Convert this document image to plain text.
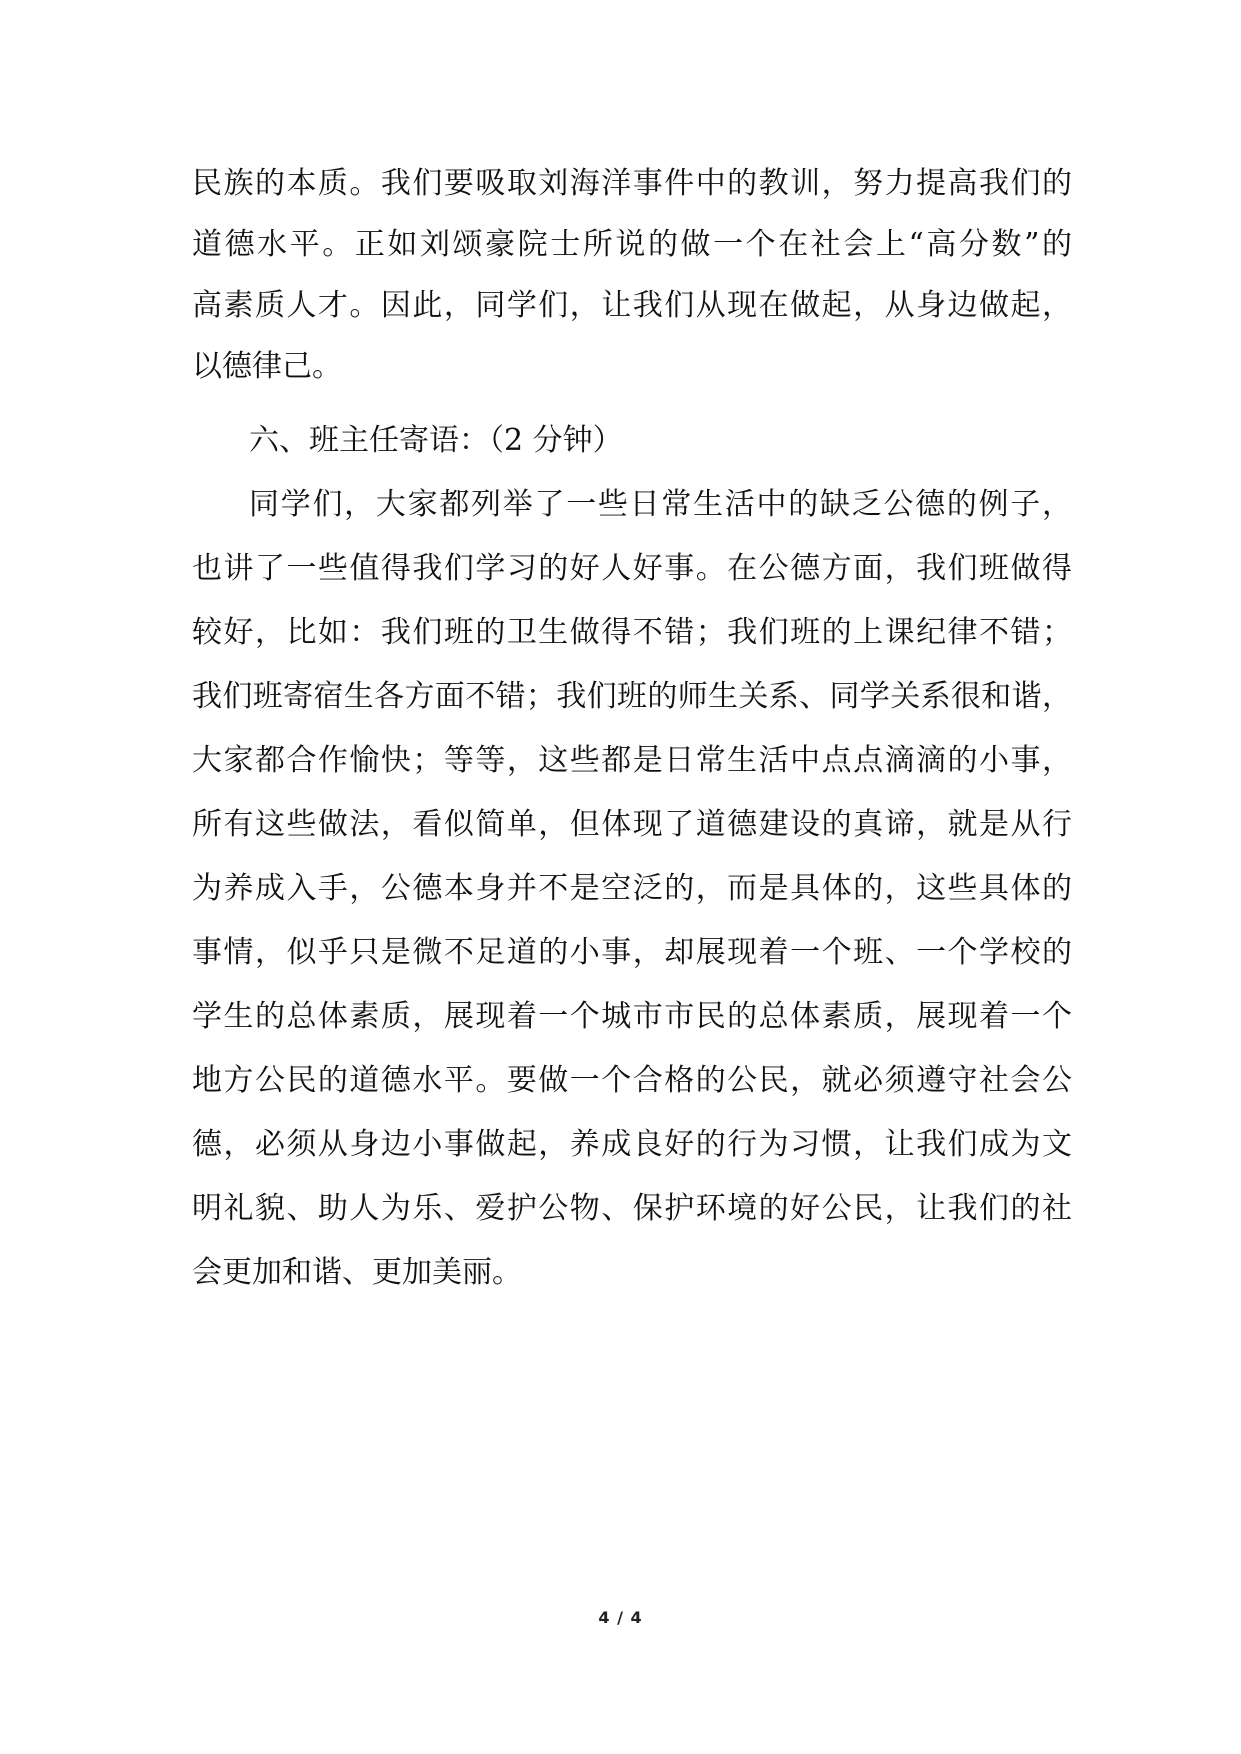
民族的本质。我们要吸取刘海洋事件中的教训，努力提高我们的
道德水平。正如刘颂豪院士所说的做一个在社会上“高分数”的
高素质人才。因此，同学们，让我们从现在做起，从身边做起，
以德律己。
六、班主任寄语：（2 分钟）
同学们，大家都列举了一些日常生活中的缺乏公德的例子，
也讲了一些值得我们学习的好人好事。在公德方面，我们班做得
较好，比如：我们班的卫生做得不错；我们班的上课纪律不错；
我们班寄宿生各方面不错；我们班的师生关系、同学关系很和谐，
大家都合作愉快；等等，这些都是日常生活中点点滴滴的小事，
所有这些做法，看似简单，但体现了道德建设的真谛，就是从行
为养成入手，公德本身并不是空泛的，而是具体的，这些具体的
事情，似乎只是微不足道的小事，却展现着一个班、一个学校的
学生的总体素质，展现着一个城市市民的总体素质，展现着一个
地方公民的道德水平。要做一个合格的公民，就必须遵守社会公
德，必须从身边小事做起，养成良好的行为习惯，让我们成为文
明礼貌、助人为乐、爱护公物、保护环境的好公民，让我们的社
会更加和谐、更加美丽。
4 / 4
